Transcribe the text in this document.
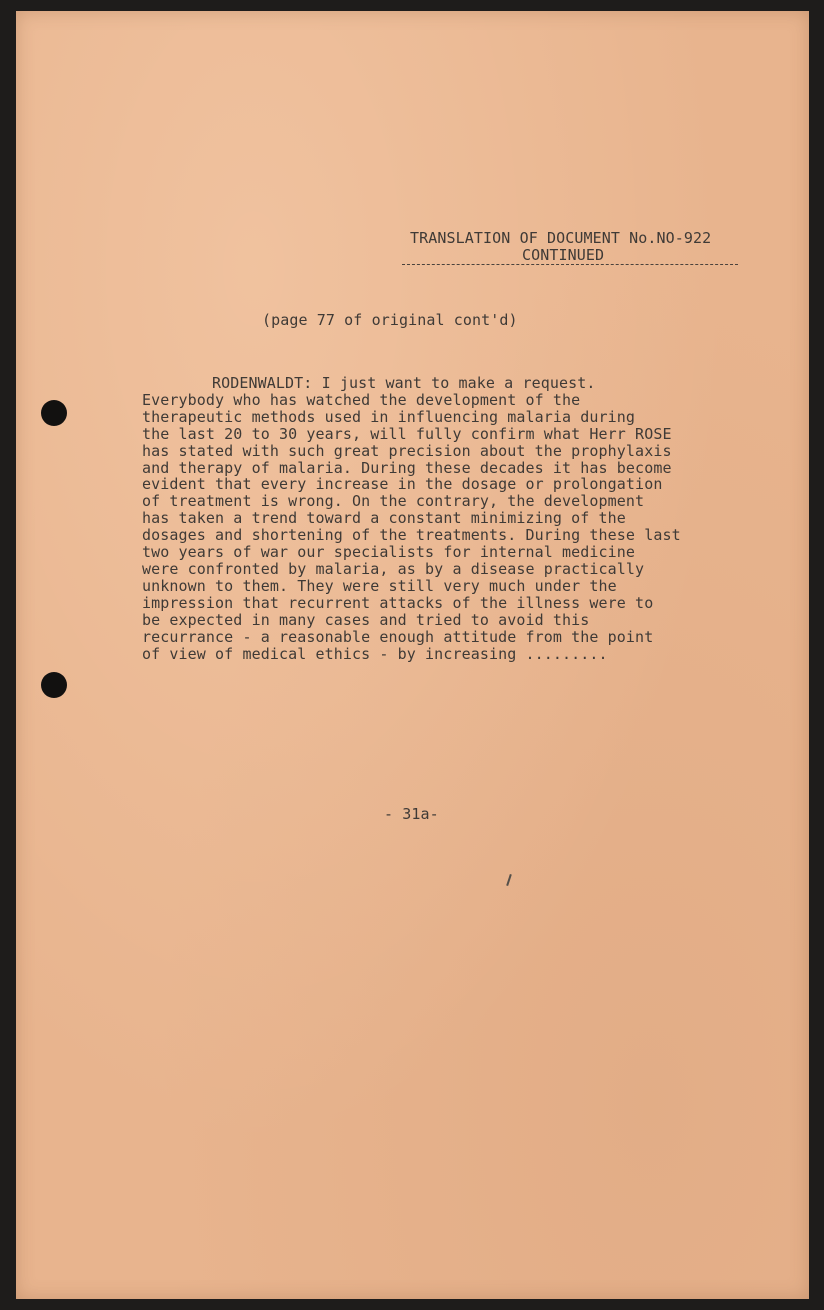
TRANSLATION OF DOCUMENT No.NO-922
CONTINUED
(page 77 of original cont'd)
RODENWALDT: I just want to make a request.
Everybody who has watched the development of the
therapeutic methods used in influencing malaria during
the last 20 to 30 years, will fully confirm what Herr ROSE
has stated with such great precision about the prophylaxis
and therapy of malaria. During these decades it has become
evident that every increase in the dosage or prolongation
of treatment is wrong. On the contrary, the development
has taken a trend toward a constant minimizing of the
dosages and shortening of the treatments. During these last
two years of war our specialists for internal medicine
were confronted by malaria, as by a disease practically
unknown to them. They were still very much under the
impression that recurrent attacks of the illness were to
be expected in many cases and tried to avoid this
recurrance - a reasonable enough attitude from the point
of view of medical ethics - by increasing .........
- 31a-
